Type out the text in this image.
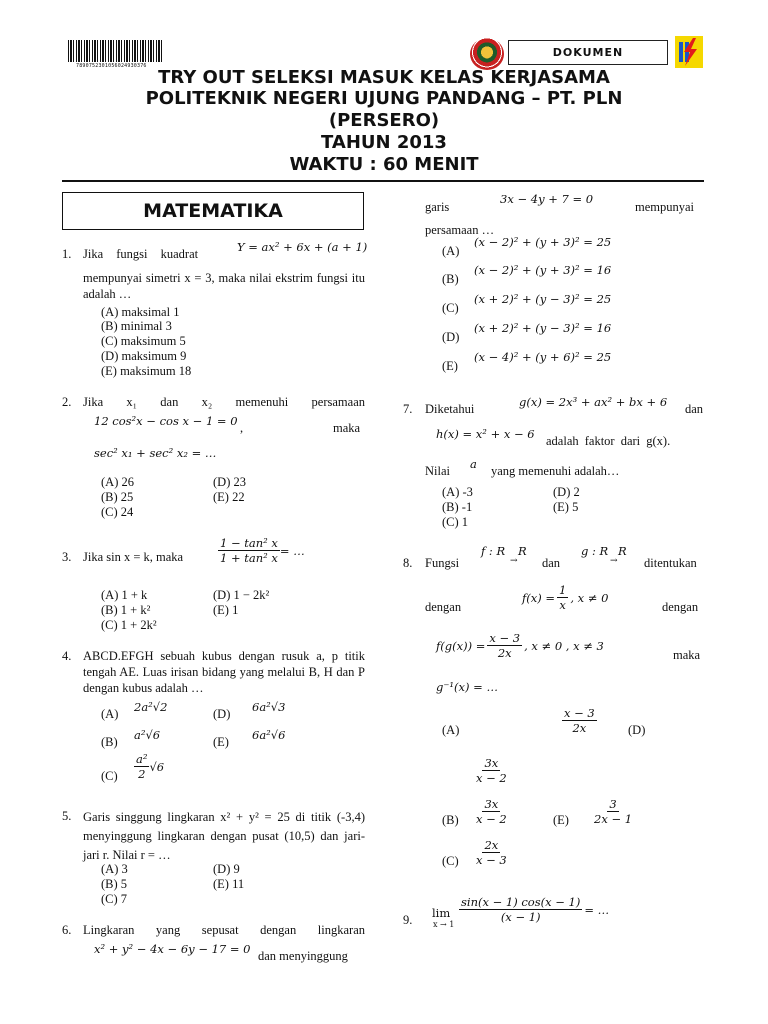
7890752301056024930376
DOKUMEN
TRY OUT SELEKSI MASUK KELAS KERJASAMA
POLITEKNIK NEGERI UJUNG PANDANG – PT. PLN
(PERSERO)
TAHUN 2013
WAKTU : 60 MENIT
MATEMATIKA
1. Jika fungsi kuadrat	Y = ax² + 6x + (a + 1)
mempunyai simetri x = 3, maka nilai ekstrim fungsi itu adalah …
(A) maksimal 1
(B) minimal 3
(C) maksimum 5
(D) maksimum 9
(E) maksimum 18
2. Jika x₁ dan x₂ memenuhi persamaan
12 cos²x − cos x − 1 = 0 ,	maka
sec² x₁ + sec² x₂ = …
(A) 26
(B) 25
(C) 24
(D) 23
(E) 22
3. Jika sin x = k, maka	$\frac{\text{1 − tan² x}}{\text{1 + tan² x}}$ = …
(A) 1 + k
(B) 1 + k²
(C) 1 + 2k²
(D) 1 − 2k²
(E) 1
4. ABCD.EFGH sebuah kubus dengan rusuk a, p titik tengah AE. Luas irisan bidang yang melalui B, H dan P dengan kubus adalah …
(A) 2a²√2
(B) a²√6
$(C) \frac{\text{a²}}{2} √6$
(D) 6a²√3
(E) 6a²√6
5. Garis singgung lingkaran x² + y² = 25 di titik (-3,4) menyinggung lingkaran dengan pusat (10,5) dan jari-jari r. Nilai r = …
(A) 3
(B) 5
(C) 7
(D) 9
(E) 11
6. Lingkaran yang sepusat dengan lingkaran
x² + y² − 4x − 6y − 17 = 0 dan menyinggung
garis
3x − 4y + 7 = 0
mempunyai
persamaan …
(A)
(x − 2)² + (y + 3)² = 25
(B)
(x − 2)² + (y + 3)² = 16
(C)
(x + 2)² + (y − 3)² = 25
(D)
(x + 2)² + (y − 3)² = 16
(E)
(x − 4)² + (y + 6)² = 25
7. Diketahui	g(x) = 2x³ + ax² + bx + 6 dan
h(x) = x² + x − 6 adalah faktor dari g(x).
Nilai a yang memenuhi adalah…
(A) -3
(B) -1
(C) 1
(D) 2
(E) 5
8. Fungsi
f : R
→
R
dan
g : R
→
R
ditentukan
dengan
$f(x) = \frac{1}{x}$ , x ≠ 0
dengan
$f(g(x)) = \frac{x - 3}{2x}$ , x ≠ 0 , x ≠ 3
maka
g⁻¹(x) = …
(A)	$\frac{x - 3}{2x}$	(D)
$\frac{3x}{x - 2}$
$(B) \frac{3x}{x - 2}$	$(E) \frac{3}{2x - 1}$
$(C) \frac{2x}{x - 3}$
9. lim
x → 1
$\frac{\sin(x - 1) \cos(x - 1)}{(x - 1)}$ = …
